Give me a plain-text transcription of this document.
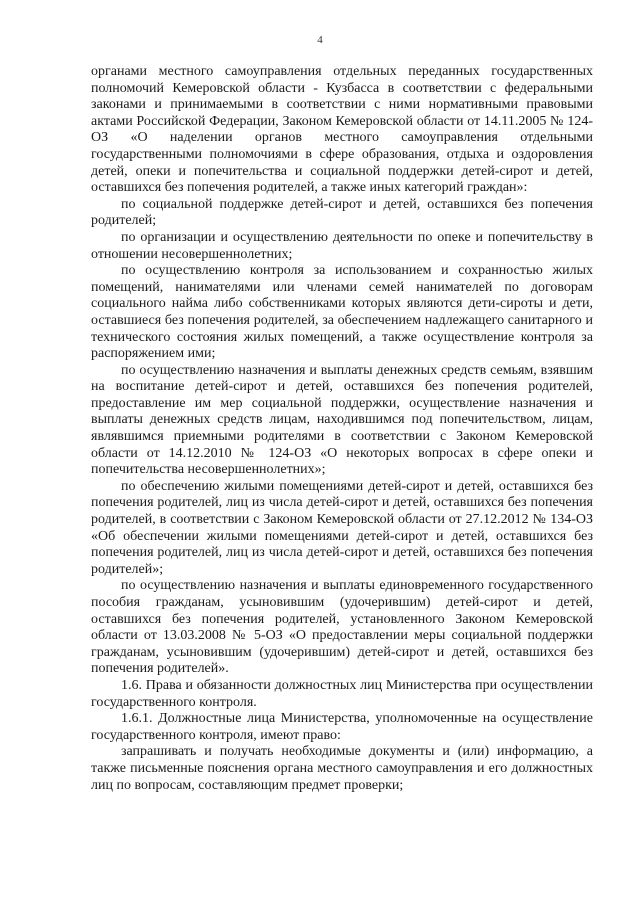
4

органами местного самоуправления отдельных переданных государственных полномочий Кемеровской области - Кузбасса в соответствии с федеральными законами и принимаемыми в соответствии с ними нормативными правовыми актами Российской Федерации, Законом Кемеровской области от 14.11.2005 № 124-ОЗ «О наделении органов местного самоуправления отдельными государственными полномочиями в сфере образования, отдыха и оздоровления детей, опеки и попечительства и социальной поддержки детей-сирот и детей, оставшихся без попечения родителей, а также иных категорий граждан»:

по социальной поддержке детей-сирот и детей, оставшихся без попечения родителей;

по организации и осуществлению деятельности по опеке и попечительству в отношении несовершеннолетних;

по осуществлению контроля за использованием и сохранностью жилых помещений, нанимателями или членами семей нанимателей по договорам социального найма либо собственниками которых являются дети-сироты и дети, оставшиеся без попечения родителей, за обеспечением надлежащего санитарного и технического состояния жилых помещений, а также осуществление контроля за распоряжением ими;

по осуществлению назначения и выплаты денежных средств семьям, взявшим на воспитание детей-сирот и детей, оставшихся без попечения родителей, предоставление им мер социальной поддержки, осуществление назначения и выплаты денежных средств лицам, находившимся под попечительством, лицам, являвшимся приемными родителями в соответствии с Законом Кемеровской области от 14.12.2010 № 124-ОЗ «О некоторых вопросах в сфере опеки и попечительства несовершеннолетних»;

по обеспечению жилыми помещениями детей-сирот и детей, оставшихся без попечения родителей, лиц из числа детей-сирот и детей, оставшихся без попечения родителей, в соответствии с Законом Кемеровской области от 27.12.2012 № 134-ОЗ «Об обеспечении жилыми помещениями детей-сирот и детей, оставшихся без попечения родителей, лиц из числа детей-сирот и детей, оставшихся без попечения родителей»;

по осуществлению назначения и выплаты единовременного государственного пособия гражданам, усыновившим (удочерившим) детей-сирот и детей, оставшихся без попечения родителей, установленного Законом Кемеровской области от 13.03.2008 № 5-ОЗ «О предоставлении меры социальной поддержки гражданам, усыновившим (удочерившим) детей-сирот и детей, оставшихся без попечения родителей».

1.6. Права и обязанности должностных лиц Министерства при осуществлении государственного контроля.

1.6.1. Должностные лица Министерства, уполномоченные на осуществление государственного контроля, имеют право:

запрашивать и получать необходимые документы и (или) информацию, а также письменные пояснения органа местного самоуправления и его должностных лиц по вопросам, составляющим предмет проверки;
